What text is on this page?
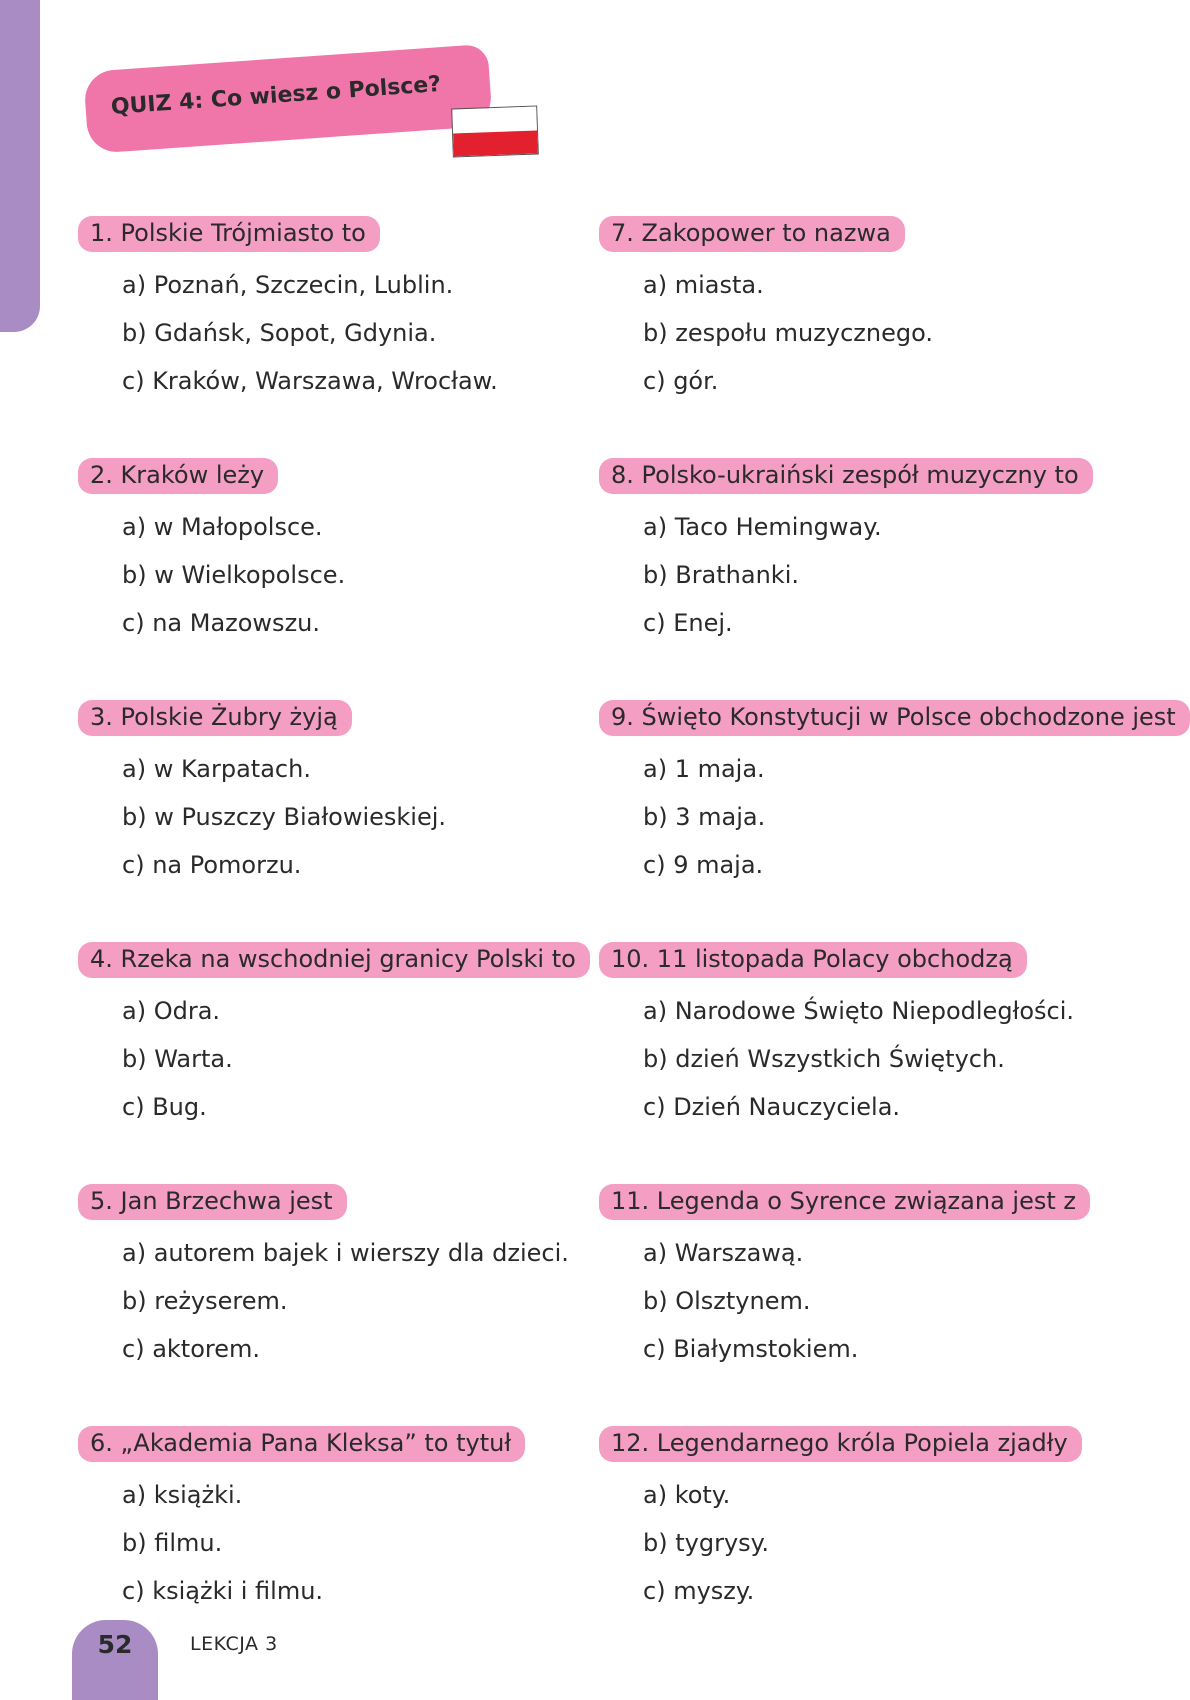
QUIZ 4: Co wiesz o Polsce?
1. Polskie Trójmiasto to
a) Poznań, Szczecin, Lublin.
b) Gdańsk, Sopot, Gdynia.
c) Kraków, Warszawa, Wrocław.
2. Kraków leży
a) w Małopolsce.
b) w Wielkopolsce.
c) na Mazowszu.
3. Polskie Żubry żyją
a) w Karpatach.
b) w Puszczy Białowieskiej.
c) na Pomorzu.
4. Rzeka na wschodniej granicy Polski to
a) Odra.
b) Warta.
c) Bug.
5. Jan Brzechwa jest
a) autorem bajek i wierszy dla dzieci.
b) reżyserem.
c) aktorem.
6. „Akademia Pana Kleksa” to tytuł
a) książki.
b) filmu.
c) książki i filmu.
7. Zakopower to nazwa
a) miasta.
b) zespołu muzycznego.
c) gór.
8. Polsko-ukraiński zespół muzyczny to
a) Taco Hemingway.
b) Brathanki.
c) Enej.
9. Święto Konstytucji w Polsce obchodzone jest
a) 1 maja.
b) 3 maja.
c) 9 maja.
10. 11 listopada Polacy obchodzą
a) Narodowe Święto Niepodległości.
b) dzień Wszystkich Świętych.
c) Dzień Nauczyciela.
11. Legenda o Syrence związana jest z
a) Warszawą.
b) Olsztynem.
c) Białymstokiem.
12. Legendarnego króla Popiela zjadły
a) koty.
b) tygrysy.
c) myszy.
52	LEKCJA 3
